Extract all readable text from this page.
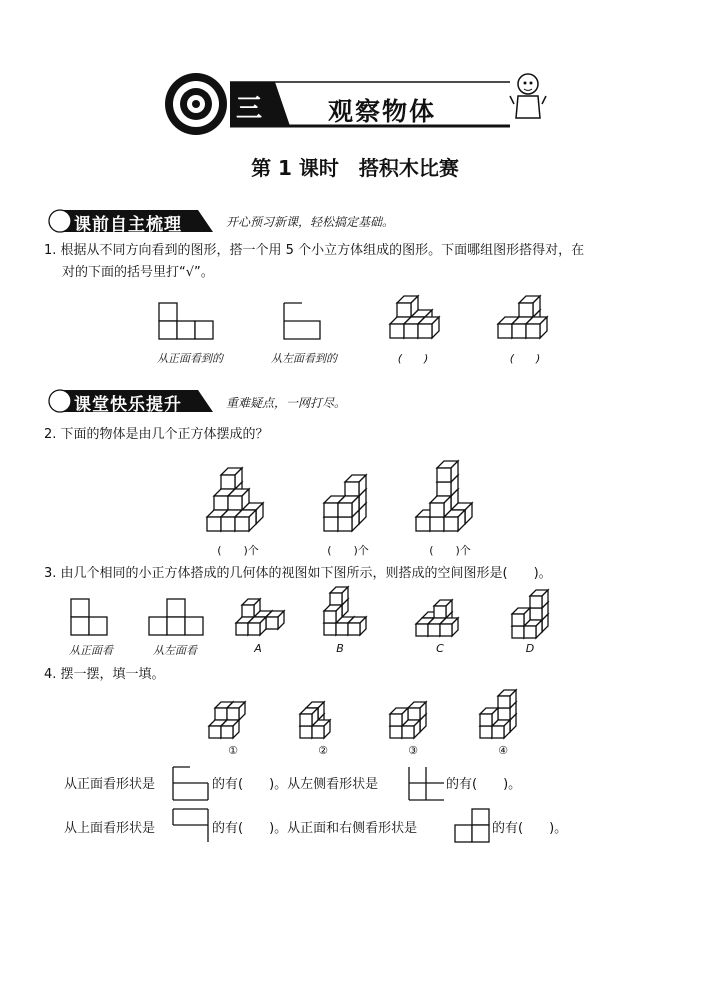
三	观察物体
第 1 课时　搭积木比赛
课前自主梳理	开心预习新课，轻松搞定基础。
1. 根据从不同方向看到的图形，搭一个用 5 个小立方体组成的图形。下面哪组图形搭得对，在
对的下面的括号里打“√”。
从正面看到的	从左面看到的	(　　)	(　　)
课堂快乐提升	重难疑点，一网打尽。
2. 下面的物体是由几个正方体摆成的？
(　　)个	(　　)个	(　　)个
3. 由几个相同的小正方体搭成的几何体的视图如下图所示，则搭成的空间图形是(　　)。
从正面看	从左面看	A	B	C	D
4. 摆一摆，填一填。
①	②	③	④
从正面看形状是	的有(　　)。从左侧看形状是	的有(　　)。
从上面看形状是	的有(　　)。从正面和右侧看形状是	的有(　　)。
